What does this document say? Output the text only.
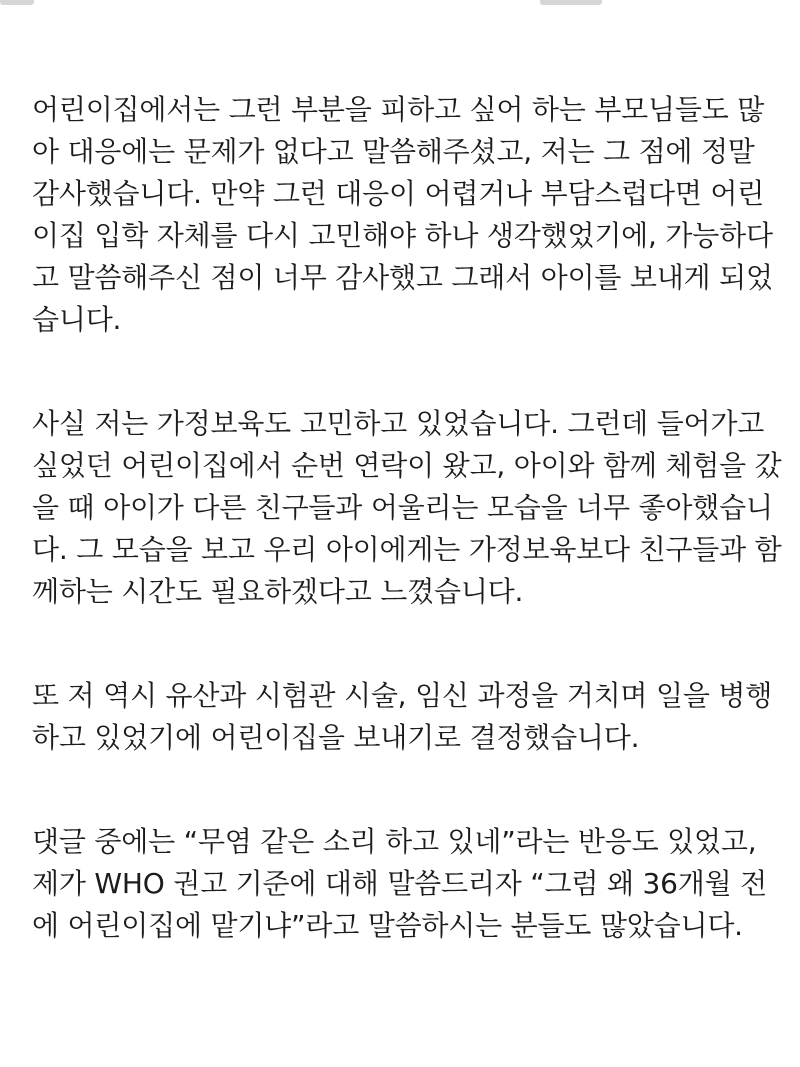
어린이집에서는 그런 부분을 피하고 싶어 하는 부모님들도 많
아 대응에는 문제가 없다고 말씀해주셨고, 저는 그 점에 정말
감사했습니다. 만약 그런 대응이 어렵거나 부담스럽다면 어린
이집 입학 자체를 다시 고민해야 하나 생각했었기에, 가능하다
고 말씀해주신 점이 너무 감사했고 그래서 아이를 보내게 되었
습니다.
사실 저는 가정보육도 고민하고 있었습니다. 그런데 들어가고
싶었던 어린이집에서 순번 연락이 왔고, 아이와 함께 체험을 갔
을 때 아이가 다른 친구들과 어울리는 모습을 너무 좋아했습니
다. 그 모습을 보고 우리 아이에게는 가정보육보다 친구들과 함
께하는 시간도 필요하겠다고 느꼈습니다.
또 저 역시 유산과 시험관 시술, 임신 과정을 거치며 일을 병행
하고 있었기에 어린이집을 보내기로 결정했습니다.
댓글 중에는 “무염 같은 소리 하고 있네”라는 반응도 있었고,
제가 WHO 권고 기준에 대해 말씀드리자 “그럼 왜 36개월 전
에 어린이집에 맡기냐”라고 말씀하시는 분들도 많았습니다.
